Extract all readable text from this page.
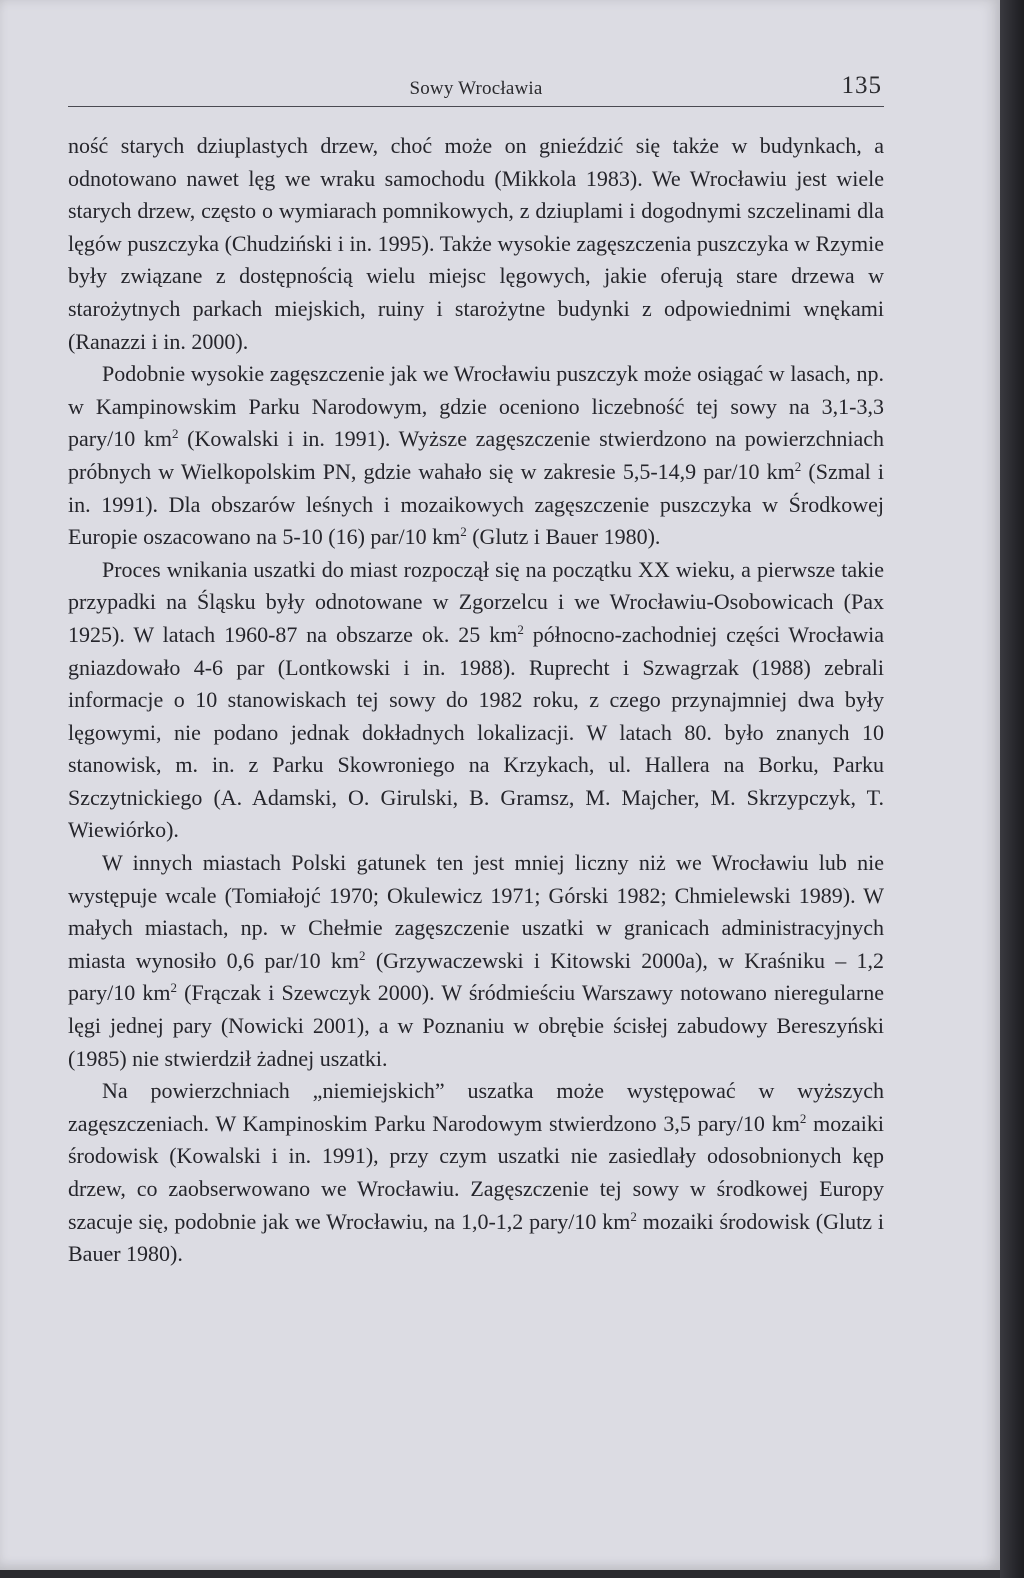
Sowy Wrocławia	135

ność starych dziuplastych drzew, choć może on gnieździć się także w budynkach, a odnotowano nawet lęg we wraku samochodu (Mikkola 1983). We Wrocławiu jest wiele starych drzew, często o wymiarach pomnikowych, z dziuplami i dogodnymi szczelinami dla lęgów puszczyka (Chudziński i in. 1995). Także wysokie zagęszczenia puszczyka w Rzymie były związane z dostępnością wielu miejsc lęgowych, jakie oferują stare drzewa w starożytnych parkach miejskich, ruiny i starożytne budynki z odpowiednimi wnękami (Ranazzi i in. 2000).

Podobnie wysokie zagęszczenie jak we Wrocławiu puszczyk może osiągać w lasach, np. w Kampinowskim Parku Narodowym, gdzie oceniono liczebność tej sowy na 3,1-3,3 pary/10 $km^2$ (Kowalski i in. 1991). Wyższe zagęszczenie stwierdzono na powierzchniach próbnych w Wielkopolskim PN, gdzie wahało się w zakresie 5,5-14,9 par/10 $km^2$ (Szmal i in. 1991). Dla obszarów leśnych i mozaikowych zagęszczenie puszczyka w Środkowej Europie oszacowano na 5-10 (16) par/10 $km^2$ (Glutz i Bauer 1980).

Proces wnikania uszatki do miast rozpoczął się na początku XX wieku, a pierwsze takie przypadki na Śląsku były odnotowane w Zgorzelcu i we Wrocławiu-Osobowicach (Pax 1925). W latach 1960-87 na obszarze ok. 25 $km^2$ północno-zachodniej części Wrocławia gniazdowało 4-6 par (Lontkowski i in. 1988). Ruprecht i Szwagrzak (1988) zebrali informacje o 10 stanowiskach tej sowy do 1982 roku, z czego przynajmniej dwa były lęgowymi, nie podano jednak dokładnych lokalizacji. W latach 80. było znanych 10 stanowisk, m. in. z Parku Skowroniego na Krzykach, ul. Hallera na Borku, Parku Szczytnickiego (A. Adamski, O. Girulski, B. Gramsz, M. Majcher, M. Skrzypczyk, T. Wiewiórko).

W innych miastach Polski gatunek ten jest mniej liczny niż we Wrocławiu lub nie występuje wcale (Tomiałojć 1970; Okulewicz 1971; Górski 1982; Chmielewski 1989). W małych miastach, np. w Chełmie zagęszczenie uszatki w granicach administracyjnych miasta wynosiło 0,6 par/10 $km^2$ (Grzywaczewski i Kitowski 2000a), w Kraśniku – 1,2 pary/10 $km^2$ (Frączak i Szewczyk 2000). W śródmieściu Warszawy notowano nieregularne lęgi jednej pary (Nowicki 2001), a w Poznaniu w obrębie ścisłej zabudowy Bereszyński (1985) nie stwierdził żadnej uszatki.

Na powierzchniach „niemiejskich” uszatka może występować w wyższych zagęszczeniach. W Kampinoskim Parku Narodowym stwierdzono 3,5 pary/10 $km^2$ mozaiki środowisk (Kowalski i in. 1991), przy czym uszatki nie zasiedlały odosobnionych kęp drzew, co zaobserwowano we Wrocławiu. Zagęszczenie tej sowy w środkowej Europy szacuje się, podobnie jak we Wrocławiu, na 1,0-1,2 pary/10 $km^2$ mozaiki środowisk (Glutz i Bauer 1980).
